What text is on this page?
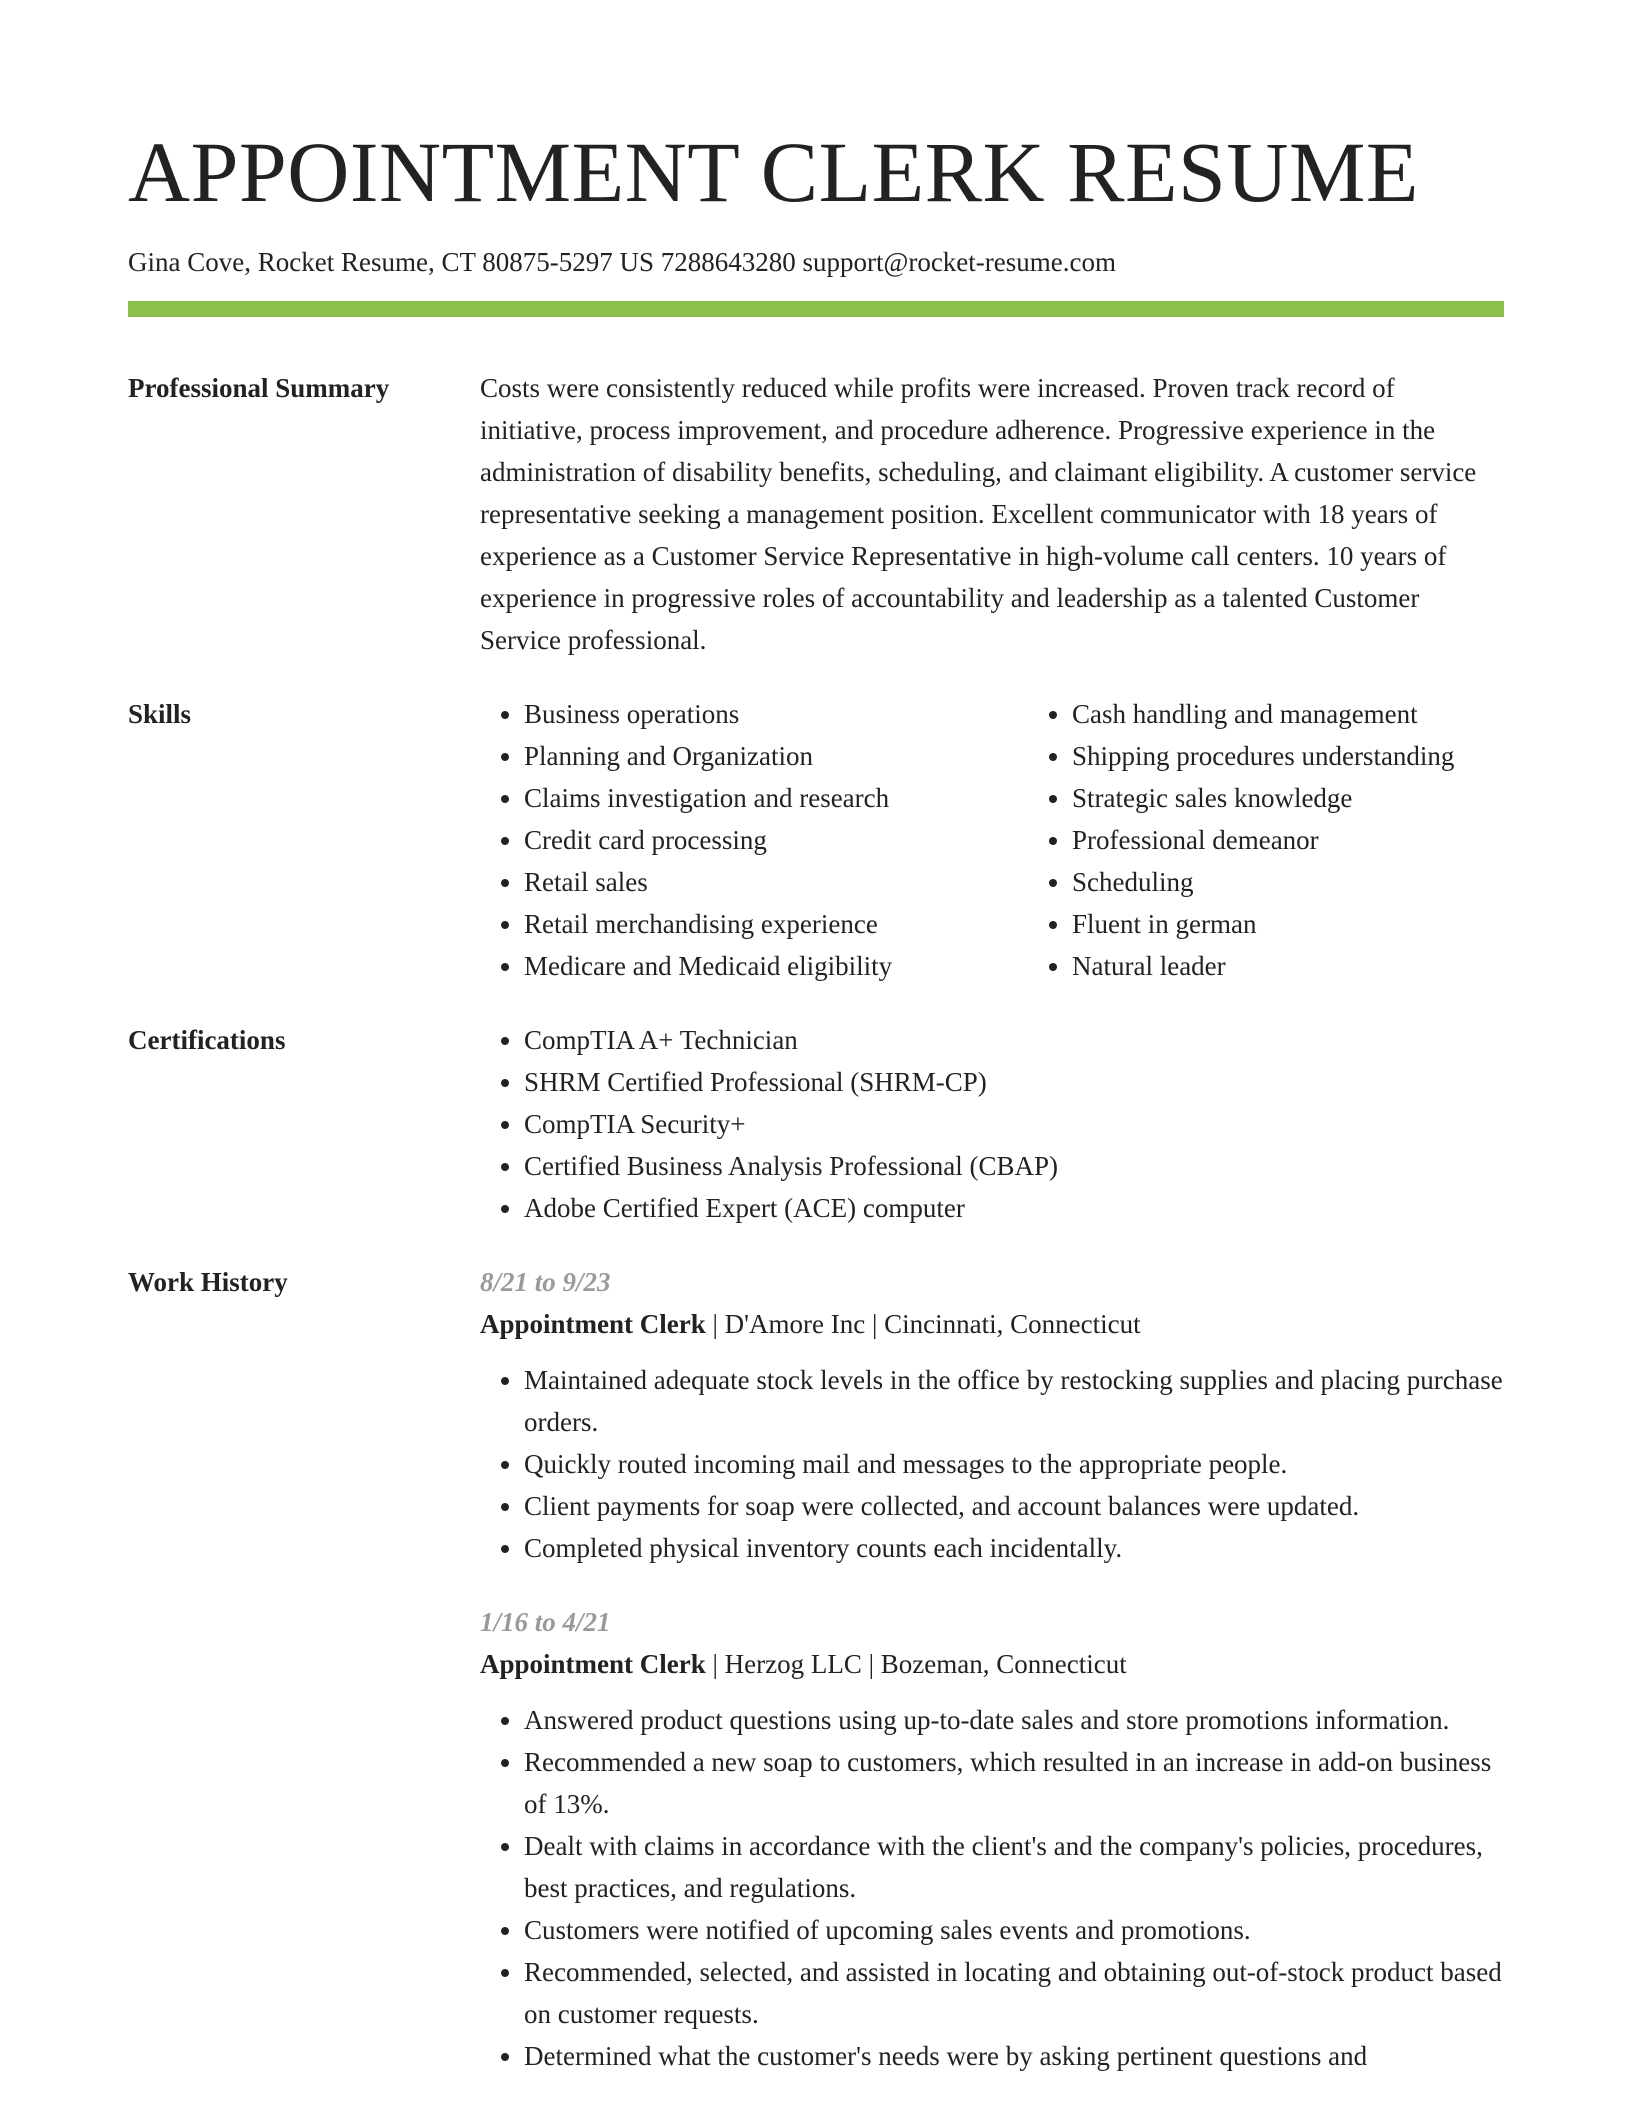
APPOINTMENT CLERK RESUME
Gina Cove, Rocket Resume, CT 80875-5297 US 7288643280 support@rocket-resume.com
Professional Summary	Costs were consistently reduced while profits were increased. Proven track record of initiative, process improvement, and procedure adherence. Progressive experience in the administration of disability benefits, scheduling, and claimant eligibility. A customer service representative seeking a management position. Excellent communicator with 18 years of experience as a Customer Service Representative in high-volume call centers. 10 years of experience in progressive roles of accountability and leadership as a talented Customer Service professional.

Skills	• Business operations
• Planning and Organization
• Claims investigation and research
• Credit card processing
• Retail sales
• Retail merchandising experience
• Medicare and Medicaid eligibility
• Cash handling and management
• Shipping procedures understanding
• Strategic sales knowledge
• Professional demeanor
• Scheduling
• Fluent in german
• Natural leader
Certifications	• CompTIA A+ Technician
• SHRM Certified Professional (SHRM-CP)
• CompTIA Security+
• Certified Business Analysis Professional (CBAP)
• Adobe Certified Expert (ACE) computer
Work History	8/21 to 9/23
Appointment Clerk | D'Amore Inc | Cincinnati, Connecticut
• Maintained adequate stock levels in the office by restocking supplies and placing purchase orders.
• Quickly routed incoming mail and messages to the appropriate people.
• Client payments for soap were collected, and account balances were updated.
• Completed physical inventory counts each incidentally.
1/16 to 4/21
Appointment Clerk | Herzog LLC | Bozeman, Connecticut
• Answered product questions using up-to-date sales and store promotions information.
• Recommended a new soap to customers, which resulted in an increase in add-on business of 13%.
• Dealt with claims in accordance with the client's and the company's policies, procedures, best practices, and regulations.
• Customers were notified of upcoming sales events and promotions.
• Recommended, selected, and assisted in locating and obtaining out-of-stock product based on customer requests.
• Determined what the customer's needs were by asking pertinent questions and
